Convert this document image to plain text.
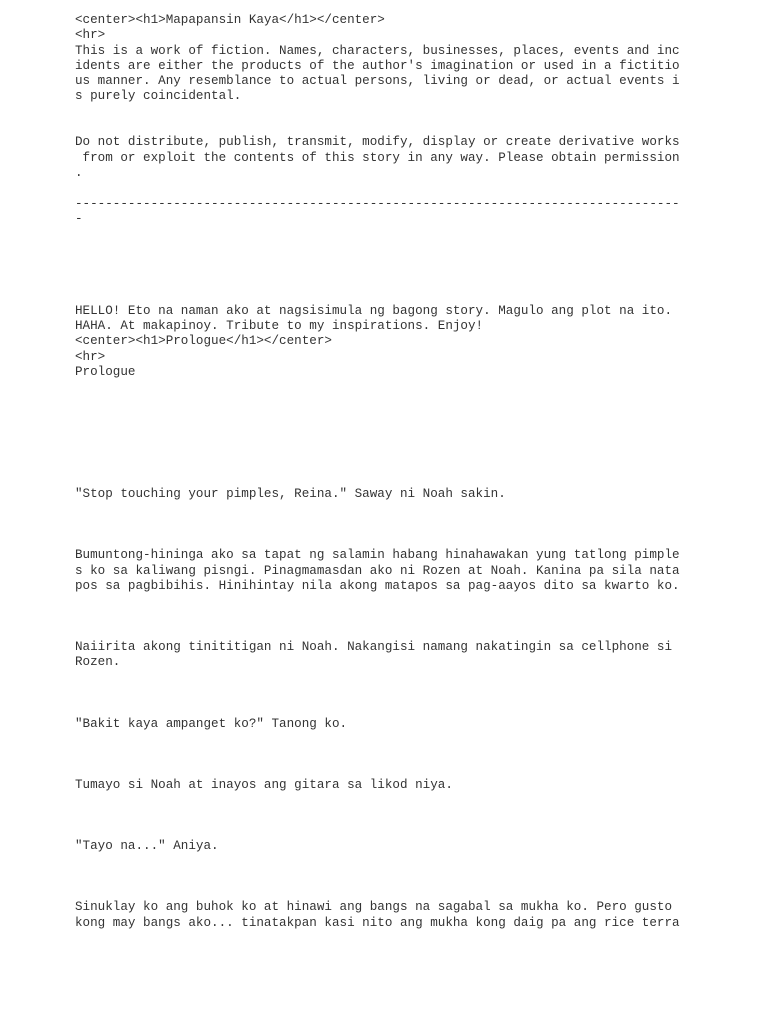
<center><h1>Mapapansin Kaya</h1></center>
<hr>
This is a work of fiction. Names, characters, businesses, places, events and inc
idents are either the products of the author's imagination or used in a fictitio
us manner. Any resemblance to actual persons, living or dead, or actual events i
s purely coincidental.
Do not distribute, publish, transmit, modify, display or create derivative works
from or exploit the contents of this story in any way. Please obtain permission
.
--------------------------------------------------------------------------------
-
HELLO! Eto na naman ako at nagsisimula ng bagong story. Magulo ang plot na ito.
HAHA. At makapinoy. Tribute to my inspirations. Enjoy!
<center><h1>Prologue</h1></center>
<hr>
Prologue
"Stop touching your pimples, Reina." Saway ni Noah sakin.
Bumuntong-hininga ako sa tapat ng salamin habang hinahawakan yung tatlong pimple
s ko sa kaliwang pisngi. Pinagmamasdan ako ni Rozen at Noah. Kanina pa sila nata
pos sa pagbibihis. Hinihintay nila akong matapos sa pag-aayos dito sa kwarto ko.
Naiirita akong tinititigan ni Noah. Nakangisi namang nakatingin sa cellphone si
Rozen.
"Bakit kaya ampanget ko?" Tanong ko.
Tumayo si Noah at inayos ang gitara sa likod niya.
"Tayo na..." Aniya.
Sinuklay ko ang buhok ko at hinawi ang bangs na sagabal sa mukha ko. Pero gusto
kong may bangs ako... tinatakpan kasi nito ang mukha kong daig pa ang rice terra
